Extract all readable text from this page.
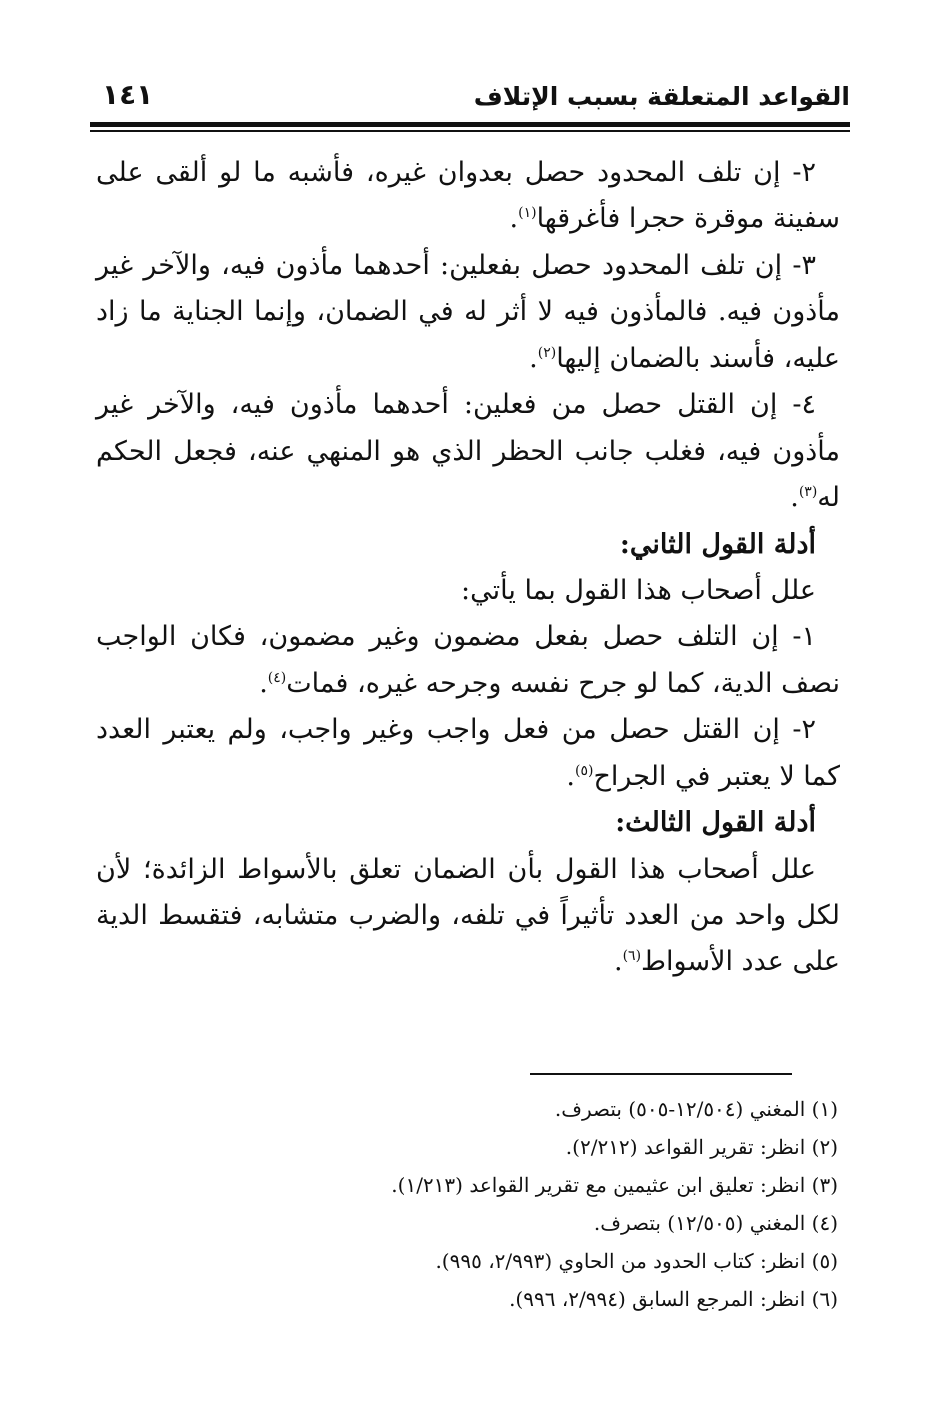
القواعد المتعلقة بسبب الإتلاف
١٤١

٢- إن تلف المحدود حصل بعدوان غيره، فأشبه ما لو ألقى على سفينة موقرة حجرا فأغرقها$^{(١)}$.

٣- إن تلف المحدود حصل بفعلين: أحدهما مأذون فيه، والآخر غير مأذون فيه. فالمأذون فيه لا أثر له في الضمان، وإنما الجناية ما زاد عليه، فأسند بالضمان إليها$^{(٢)}$.

٤- إن القتل حصل من فعلين: أحدهما مأذون فيه، والآخر غير مأذون فيه، فغلب جانب الحظر الذي هو المنهي عنه، فجعل الحكم له$^{(٣)}$.

أدلة القول الثاني:

علل أصحاب هذا القول بما يأتي:

١- إن التلف حصل بفعل مضمون وغير مضمون، فكان الواجب نصف الدية، كما لو جرح نفسه وجرحه غيره، فمات$^{(٤)}$.

٢- إن القتل حصل من فعل واجب وغير واجب، ولم يعتبر العدد كما لا يعتبر في الجراح$^{(٥)}$.

أدلة القول الثالث:

علل أصحاب هذا القول بأن الضمان تعلق بالأسواط الزائدة؛ لأن لكل واحد من العدد تأثيراً في تلفه، والضرب متشابه، فتقسط الدية على عدد الأسواط$^{(٦)}$.

(١) المغني (١٢/٥٠٤-٥٠٥) بتصرف.
(٢) انظر: تقرير القواعد (٢/٢١٢).
(٣) انظر: تعليق ابن عثيمين مع تقرير القواعد (١/٢١٣).
(٤) المغني (١٢/٥٠٥) بتصرف.
(٥) انظر: كتاب الحدود من الحاوي (٢/٩٩٣، ٩٩٥).
(٦) انظر: المرجع السابق (٢/٩٩٤، ٩٩٦).
